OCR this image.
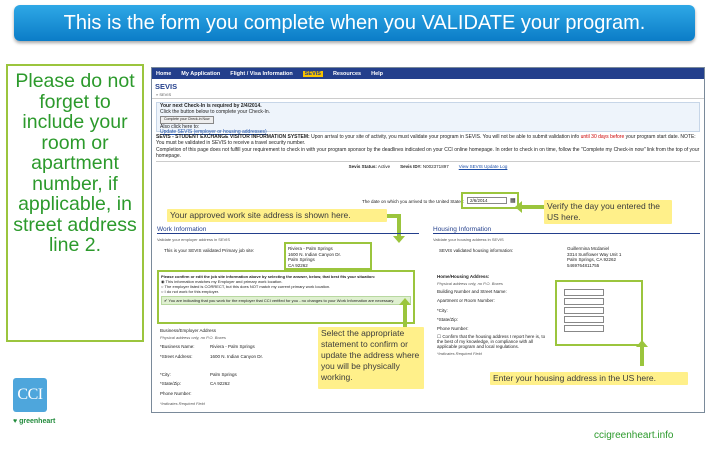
This is the form you complete when you VALIDATE your program.
Please do not forget to include your room or apartment number, if applicable, in street address line 2.
CCI
♥ greenheart
ccigreenheart.info
Home My Application Flight / Visa Information	SEVIS	Resources Help
SEVIS
» SEVIS
Your next Check-In is required by 2/4/2014.
Click the button below to complete your Check-In.
Complete your Check-in Now
Also click here to:
Update SEVIS (employer or housing addresses)

SEVIS - STUDENT EXCHANGE VISITOR INFORMATION SYSTEM: Upon arrival to your site of activity, you must validate your program in SEVIS. You will not be able to submit validation info until 30 days before your program start date. NOTE: You must be validated in SEVIS to receive a travel security number.

Completion of this page does not fulfill your requirement to check in with your program sponsor by the deadlines indicated on your CCI online homepage. In order to check in on time, follow the "Complete my Check-in now" link from the top of your homepage.

Sevis Status: Active Sevis ID#: N002371897 View SEVIS Update Log
The date on which you arrived to the United States:	2/6/2014	▦
Your approved work site address is shown here.
Verify the day you entered the US here.
Work Information
Validate your employer address in SEVIS
This is your SEVIS validated Primary job site:	Riviera - Palm Springs
1600 N. Indian Canyon Dr.
Palm Springs
CA 92262
Please confirm or edit the job site information above by selecting the answer, below, that best fits your situation:
◉ This information matches my Employer and primary work location.
○ The employer listed is CORRECT, but this does NOT match my current primary work location.
○ I do not work for this employer.
✔ You are indicating that you work for the employer that CCI verified for you - no changes to your Work Information are necessary.
Business/Employer Address
Physical address only, no P.O. Boxes
*Business Name:	Riviera - Palm Springs
*Street Address:	1600 N. Indian Canyon Dr.
*City:	Palm Springs
*State/Zip:	CA 92262
Phone Number:
*Indicates Required Field
Select the appropriate statement to confirm or update the address where you will be physically working.
Housing Information
Validate your housing address in SEVIS
SEVIS validated housing information:	Guillermina Mcdaniel
3314 Sunflower Way Unit 1
Palm Springs, CA 92262
5469764811755
Home/Housing Address:
Physical address only, no P.O. Boxes
Building Number and Street Name:
Apartment or Room Number:
*City:
*State/Zip:
Phone Number:
☐ Confirm that the housing address I report here is, to the best of my knowledge, in compliance with all applicable program and local regulations.
*Indicates Required Field
Enter your housing address in the US here.
